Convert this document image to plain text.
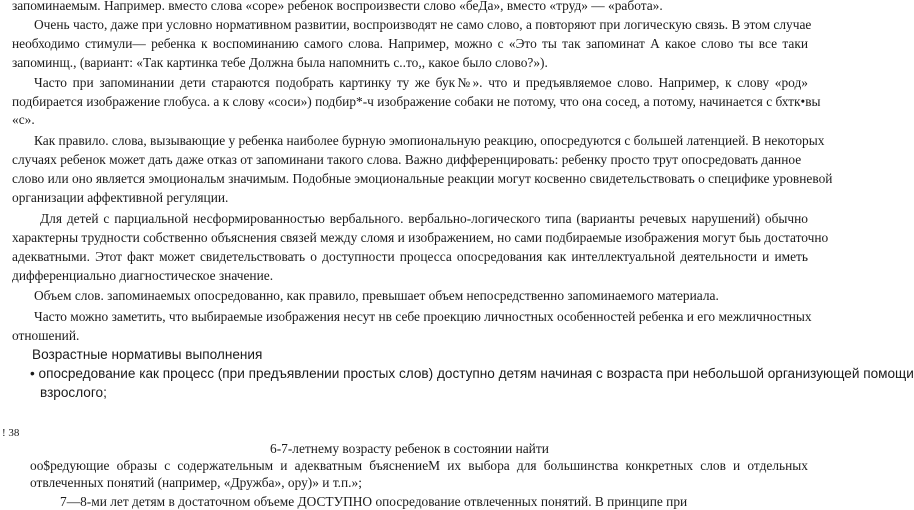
запоминаемым. Например. вместо слова «соре» ребенок воспроизвести слово «беДа», вместо «труд» — «работа».
Очень часто, даже при условно нормативном развитии, воспроизводят не само слово, а повторяют при логическую связь. В этом случае
необходимо стимули— ребенка к воспоминанию самого слова. Например, можно с «Это ты так запоминат А какое слово ты все таки
запоминщ., (вариант: «Так картинка тебе Должна была напомнить с..то,, какое было слово?»).
Часто при запоминании дети стараются подобрать картинку ту же бук№». что и предъявляемое слово. Например, к слову «род»
подбирается изображение глобуса. а к слову «соси») подбир*-ч изображение собаки не потому, что она сосед, а потому, начинается с бхтк•вы
«с».
Как правило. слова, вызывающие у ребенка наиболее бурную эмопиональную реакцию, опосредуются с большей латенцией. В некоторых
случаях ребенок может дать даже отказ от запоминани такого слова. Важно дифференцировать: ребенку просто трут опосредовать данное
слово или оно является эмоциональм значимым. Подобные эмоциональные реакции могут косвенно свидетельствовать о специфике уровневой
организации аффективной регуляции.
Для детей с парциальной несформированностью вербального. вербально-логического типа (варианты речевых нарушений) обычно
характерны трудности собственно объяснения связей между сломя и изображением, но сами подбираемые изображения могут быь достаточно
адекватными. Этот факт может свидетельствовать о доступности процесса опосредования как интеллектуальной деятельности и иметь
дифференциально диагностическое значение.
Объем слов. запоминаемых опосредованно, как правило, превышает объем непосредственно запоминаемого материала.
Часто можно заметить, что выбираемые изображения несут нв себе проекцию личностных особенностей ребенка и его межличностных
отношений.
Возрастные нормативы выполнения
• опосредование как процесс (при предъявлении простых слов) доступно детям начиная с возраста при небольшой организующей помощи
взрослого;
! 38
6-7-летнему возрасту ребенок в состоянии найти
оо$редующие образы с содержательным и адекватным бъяснениеМ их выбора для большинства конкретных слов и отдельных
отвлеченных понятий (например, «Дружба», ору)» и т.п.»;
7—8-ми лет детям в достаточном объеме ДОСТУПНО опосредование отвлеченных понятий. В принципе при
